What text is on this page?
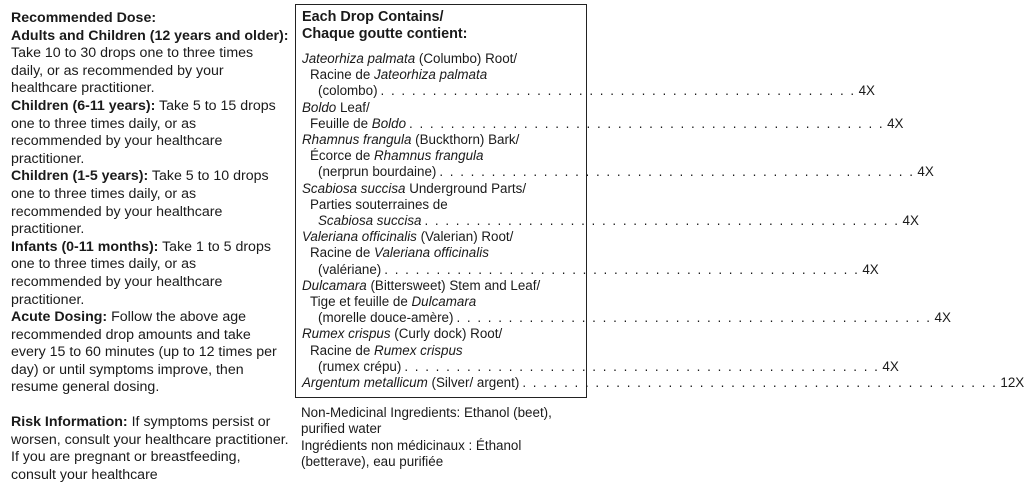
Recommended Dose:
Adults and Children (12 years and older): Take 10 to 30 drops one to three times daily, or as recommended by your healthcare practitioner.
Children (6-11 years): Take 5 to 15 drops one to three times daily, or as recommended by your healthcare practitioner.
Children (1-5 years): Take 5 to 10 drops one to three times daily, or as recommended by your healthcare practitioner.
Infants (0-11 months): Take 1 to 5 drops one to three times daily, or as recommended by your healthcare practitioner.
Acute Dosing: Follow the above age recommended drop amounts and take every 15 to 60 minutes (up to 12 times per day) or until symptoms improve, then resume general dosing.

Risk Information: If symptoms persist or worsen, consult your healthcare practitioner. If you are pregnant or breastfeeding, consult your healthcare

Each Drop Contains/
Chaque goutte contient:
Jateorhiza palmata (Columbo) Root/
Racine de Jateorhiza palmata
(colombo) . . . . . . . . . . . . . . . . . . . . . . . . . . . . . . . . . . . . . . . . . . . . . . 4X
Boldo Leaf/
Feuille de Boldo . . . . . . . . . . . . . . . . . . . . . . . . . . . . . . . . . . . . . . . . . . . . . . 4X
Rhamnus frangula (Buckthorn) Bark/
Écorce de Rhamnus frangula
(nerprun bourdaine) . . . . . . . . . . . . . . . . . . . . . . . . . . . . . . . . . . . . . . . . . . . . . . 4X
Scabiosa succisa Underground Parts/
Parties souterraines de
Scabiosa succisa . . . . . . . . . . . . . . . . . . . . . . . . . . . . . . . . . . . . . . . . . . . . . . 4X
Valeriana officinalis (Valerian) Root/
Racine de Valeriana officinalis
(valériane) . . . . . . . . . . . . . . . . . . . . . . . . . . . . . . . . . . . . . . . . . . . . . . 4X
Dulcamara (Bittersweet) Stem and Leaf/
Tige et feuille de Dulcamara
(morelle douce-amère) . . . . . . . . . . . . . . . . . . . . . . . . . . . . . . . . . . . . . . . . . . . . . . 4X
Rumex crispus (Curly dock) Root/
Racine de Rumex crispus
(rumex crépu) . . . . . . . . . . . . . . . . . . . . . . . . . . . . . . . . . . . . . . . . . . . . . . 4X
Argentum metallicum (Silver/ argent) . . . . . . . . . . . . . . . . . . . . . . . . . . . . . . . . . . . . . . . . . . . . . . 12X

Non-Medicinal Ingredients: Ethanol (beet), purified water

Ingrédients non médicinaux : Éthanol (betterave), eau purifiée
